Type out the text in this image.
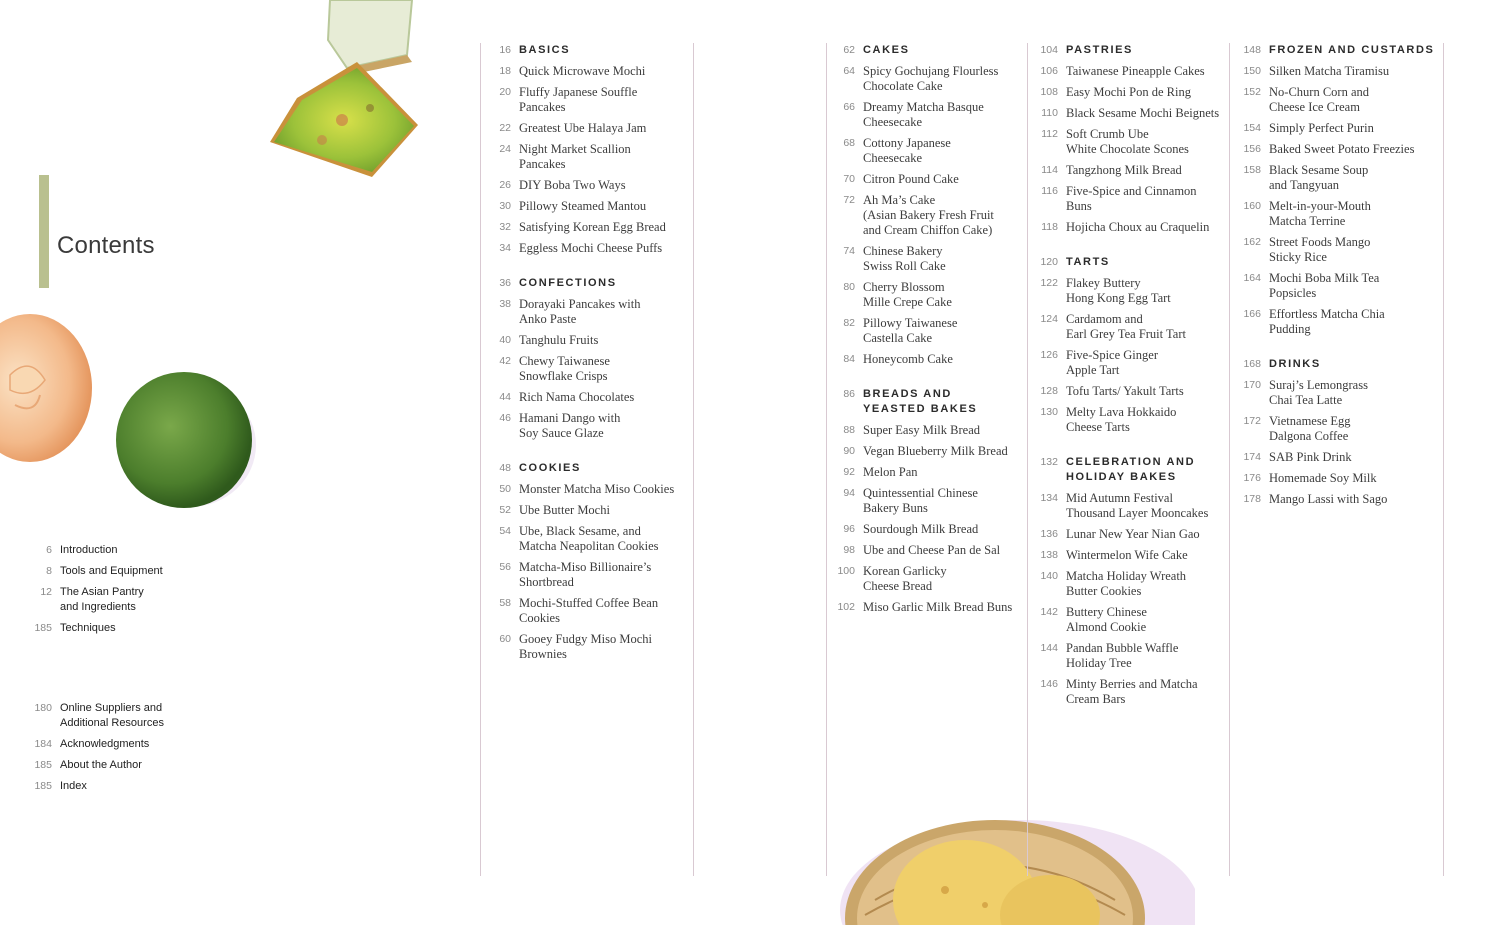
Contents
6 Introduction
8 Tools and Equipment
12 The Asian Pantry
and Ingredients
185 Techniques
180 Online Suppliers and
Additional Resources
184 Acknowledgments
185 About the Author
185 Index
16 BASICS
18 Quick Microwave Mochi
20 Fluffy Japanese Souffle
Pancakes
22 Greatest Ube Halaya Jam
24 Night Market Scallion
Pancakes
26 DIY Boba Two Ways
30 Pillowy Steamed Mantou
32 Satisfying Korean Egg Bread
34 Eggless Mochi Cheese Puffs
36 CONFECTIONS
38 Dorayaki Pancakes with
Anko Paste
40 Tanghulu Fruits
42 Chewy Taiwanese
Snowflake Crisps
44 Rich Nama Chocolates
46 Hamani Dango with
Soy Sauce Glaze
48 COOKIES
50 Monster Matcha Miso Cookies
52 Ube Butter Mochi
54 Ube, Black Sesame, and
Matcha Neapolitan Cookies
56 Matcha-Miso Billionaire’s
Shortbread
58 Mochi-Stuffed Coffee Bean
Cookies
60 Gooey Fudgy Miso Mochi
Brownies
62 CAKES
64 Spicy Gochujang Flourless
Chocolate Cake
66 Dreamy Matcha Basque
Cheesecake
68 Cottony Japanese
Cheesecake
70 Citron Pound Cake
72 Ah Ma’s Cake
(Asian Bakery Fresh Fruit
and Cream Chiffon Cake)
74 Chinese Bakery
Swiss Roll Cake
80 Cherry Blossom
Mille Crepe Cake
82 Pillowy Taiwanese
Castella Cake
84 Honeycomb Cake
86 BREADS AND
YEASTED BAKES
88 Super Easy Milk Bread
90 Vegan Blueberry Milk Bread
92 Melon Pan
94 Quintessential Chinese
Bakery Buns
96 Sourdough Milk Bread
98 Ube and Cheese Pan de Sal
100 Korean Garlicky
Cheese Bread
102 Miso Garlic Milk Bread Buns
104 PASTRIES
106 Taiwanese Pineapple Cakes
108 Easy Mochi Pon de Ring
110 Black Sesame Mochi Beignets
112 Soft Crumb Ube
White Chocolate Scones
114 Tangzhong Milk Bread
116 Five-Spice and Cinnamon
Buns
118 Hojicha Choux au Craquelin
120 TARTS
122 Flakey Buttery
Hong Kong Egg Tart
124 Cardamom and
Earl Grey Tea Fruit Tart
126 Five-Spice Ginger
Apple Tart
128 Tofu Tarts/ Yakult Tarts
130 Melty Lava Hokkaido
Cheese Tarts
132 CELEBRATION AND
HOLIDAY BAKES
134 Mid Autumn Festival
Thousand Layer Mooncakes
136 Lunar New Year Nian Gao
138 Wintermelon Wife Cake
140 Matcha Holiday Wreath
Butter Cookies
142 Buttery Chinese
Almond Cookie
144 Pandan Bubble Waffle
Holiday Tree
146 Minty Berries and Matcha
Cream Bars
148 FROZEN AND CUSTARDS
150 Silken Matcha Tiramisu
152 No-Churn Corn and
Cheese Ice Cream
154 Simply Perfect Purin
156 Baked Sweet Potato Freezies
158 Black Sesame Soup
and Tangyuan
160 Melt-in-your-Mouth
Matcha Terrine
162 Street Foods Mango
Sticky Rice
164 Mochi Boba Milk Tea
Popsicles
166 Effortless Matcha Chia
Pudding
168 DRINKS
170 Suraj’s Lemongrass
Chai Tea Latte
172 Vietnamese Egg
Dalgona Coffee
174 SAB Pink Drink
176 Homemade Soy Milk
178 Mango Lassi with Sago
